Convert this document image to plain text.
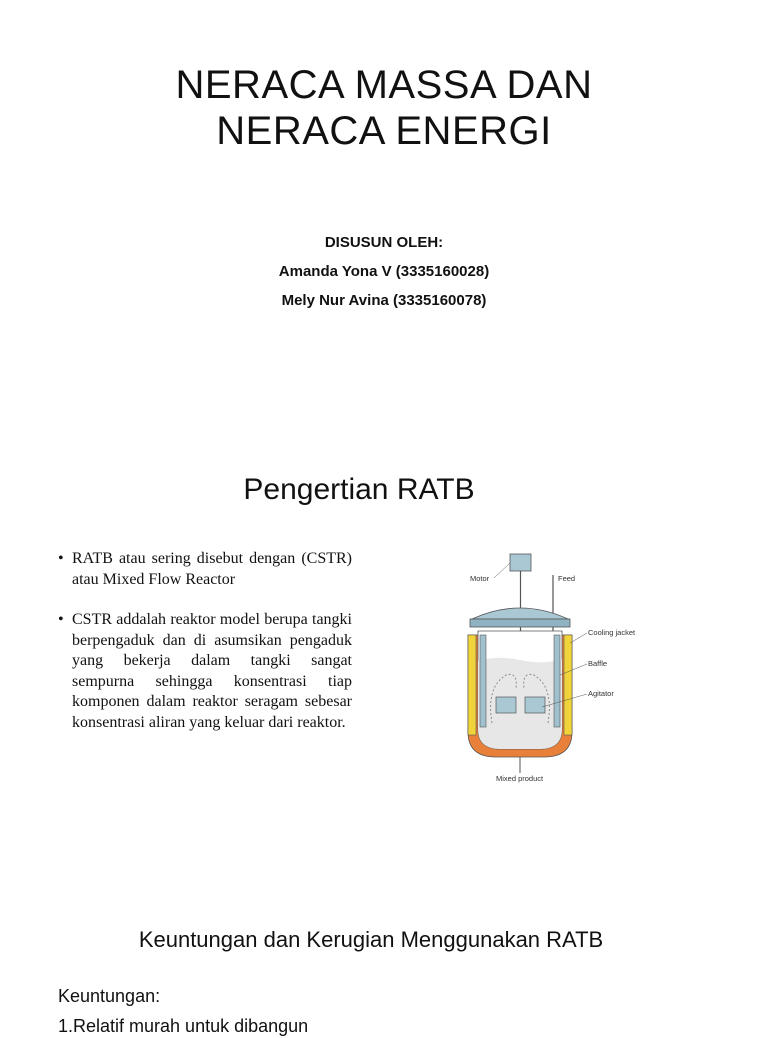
NERACA MASSA DAN
NERACA ENERGI
DISUSUN OLEH:
Amanda Yona V (3335160028)
Mely Nur Avina (3335160078)
Pengertian RATB
• RATB atau sering disebut dengan (CSTR) atau Mixed Flow Reactor
• CSTR addalah reaktor model berupa tangki berpengaduk dan di asumsikan pengaduk yang bekerja dalam tangki sangat sempurna sehingga konsentrasi tiap komponen dalam reaktor seragam sebesar konsentrasi aliran yang keluar dari reaktor.
Motor	Feed
Cooling jacket
Baffle
Agitator
Mixed product
Keuntungan dan Kerugian Menggunakan RATB
Keuntungan:
1.Relatif murah untuk dibangun
